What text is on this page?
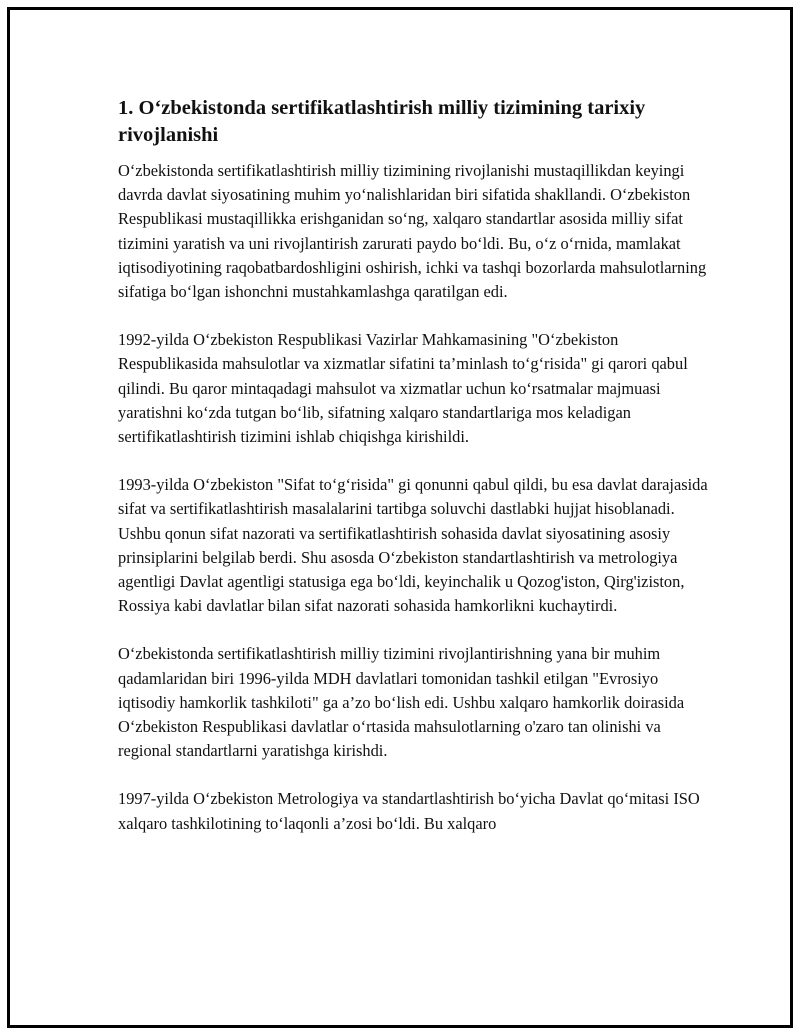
1. O‘zbekistonda sertifikatlashtirish milliy tizimining tarixiy rivojlanishi

O‘zbekistonda sertifikatlashtirish milliy tizimining rivojlanishi mustaqillikdan keyingi davrda davlat siyosatining muhim yo‘nalishlaridan biri sifatida shakllandi. O‘zbekiston Respublikasi mustaqillikka erishganidan so‘ng, xalqaro standartlar asosida milliy sifat tizimini yaratish va uni rivojlantirish zarurati paydo bo‘ldi. Bu, o‘z o‘rnida, mamlakat iqtisodiyotining raqobatbardoshligini oshirish, ichki va tashqi bozorlarda mahsulotlarning sifatiga bo‘lgan ishonchni mustahkamlashga qaratilgan edi.

1992-yilda O‘zbekiston Respublikasi Vazirlar Mahkamasining "O‘zbekiston Respublikasida mahsulotlar va xizmatlar sifatini ta’minlash to‘g‘risida" gi qarori qabul qilindi. Bu qaror mintaqadagi mahsulot va xizmatlar uchun ko‘rsatmalar majmuasi yaratishni ko‘zda tutgan bo‘lib, sifatning xalqaro standartlariga mos keladigan sertifikatlashtirish tizimini ishlab chiqishga kirishildi.

1993-yilda O‘zbekiston "Sifat to‘g‘risida" gi qonunni qabul qildi, bu esa davlat darajasida sifat va sertifikatlashtirish masalalarini tartibga soluvchi dastlabki hujjat hisoblanadi. Ushbu qonun sifat nazorati va sertifikatlashtirish sohasida davlat siyosatining asosiy prinsiplarini belgilab berdi. Shu asosda O‘zbekiston standartlashtirish va metrologiya agentligi Davlat agentligi statusiga ega bo‘ldi, keyinchalik u Qozog'iston, Qirg'iziston, Rossiya kabi davlatlar bilan sifat nazorati sohasida hamkorlikni kuchaytirdi.

O‘zbekistonda sertifikatlashtirish milliy tizimini rivojlantirishning yana bir muhim qadamlaridan biri 1996-yilda MDH davlatlari tomonidan tashkil etilgan "Evrosiyo iqtisodiy hamkorlik tashkiloti" ga a’zo bo‘lish edi. Ushbu xalqaro hamkorlik doirasida O‘zbekiston Respublikasi davlatlar o‘rtasida mahsulotlarning o'zaro tan olinishi va regional standartlarni yaratishga kirishdi.

1997-yilda O‘zbekiston Metrologiya va standartlashtirish bo‘yicha Davlat qo‘mitasi ISO xalqaro tashkilotining to‘laqonli a’zosi bo‘ldi. Bu xalqaro
